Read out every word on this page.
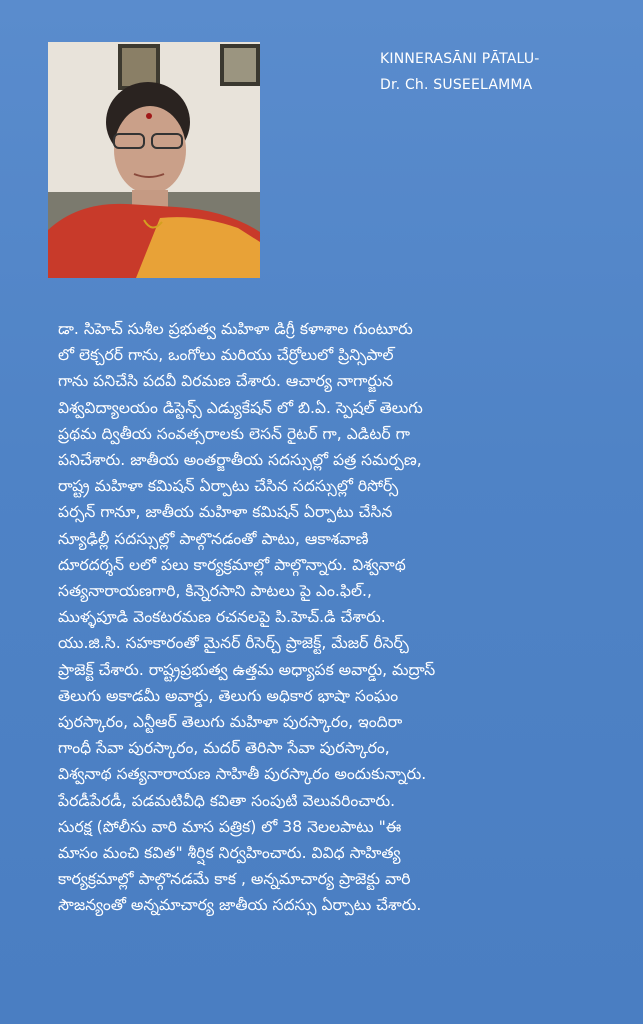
KINNERASĀNI PĀTALU-
Dr. Ch. SUSEELAMMA
డా. సిహెచ్ సుశీల ప్రభుత్వ మహిళా డిగ్రీ కళాశాల గుంటూరు
లో లెక్చరర్ గాను, ఒంగోలు మరియు చేర్రోలులో ప్రిన్సిపాల్
గాను పనిచేసి పదవీ విరమణ చేశారు. ఆచార్య నాగార్జున
విశ్వవిద్యాలయం డిస్టెన్స్ ఎడ్యుకేషన్ లో బి.ఏ. స్పెషల్ తెలుగు
ప్రథమ ద్వితీయ సంవత్సరాలకు లెసన్ రైటర్ గా, ఎడిటర్ గా
పనిచేశారు. జాతీయ అంతర్జాతీయ సదస్సుల్లో పత్ర సమర్పణ,
రాష్ట్ర మహిళా కమిషన్ ఏర్పాటు చేసిన సదస్సుల్లో రిసోర్స్
పర్సన్ గానూ, జాతీయ మహిళా కమిషన్ ఏర్పాటు చేసిన
న్యూఢిల్లీ సదస్సుల్లో పాల్గొనడంతో పాటు, ఆకాశవాణి
దూరదర్శన్ లలో పలు కార్యక్రమాల్లో పాల్గొన్నారు. విశ్వనాథ
సత్యనారాయణగారి, కిన్నెరసాని పాటలు పై ఎం.ఫిల్.,
ముళ్ళపూడి వెంకటరమణ రచనలపై పి.హెచ్.డి చేశారు.
యు.జి.సి. సహకారంతో మైనర్ రీసెర్చ్ ప్రాజెక్ట్, మేజర్ రీసెర్చ్
ప్రాజెక్ట్ చేశారు. రాష్ట్రప్రభుత్వ ఉత్తమ అధ్యాపక అవార్డు, మద్రాస్
తెలుగు అకాడమీ అవార్డు, తెలుగు అధికార భాషా సంఘం
పురస్కారం, ఎన్టీఆర్ తెలుగు మహిళా పురస్కారం, ఇందిరా
గాంధీ సేవా పురస్కారం, మదర్ తెరిసా సేవా పురస్కారం,
విశ్వనాథ సత్యనారాయణ సాహితీ పురస్కారం అందుకున్నారు.
పేరడీపేరడీ, పడమటివీధి కవితా సంపుటి వెలువరించారు.
సురక్ష (పోలీసు వారి మాస పత్రిక) లో 38 నెలలపాటు "ఈ
మాసం మంచి కవిత" శీర్షిక నిర్వహించారు. వివిధ సాహిత్య
కార్యక్రమాల్లో పాల్గొనడమే కాక , అన్నమాచార్య ప్రాజెక్టు వారి
సౌజన్యంతో అన్నమాచార్య జాతీయ సదస్సు ఏర్పాటు చేశారు.
